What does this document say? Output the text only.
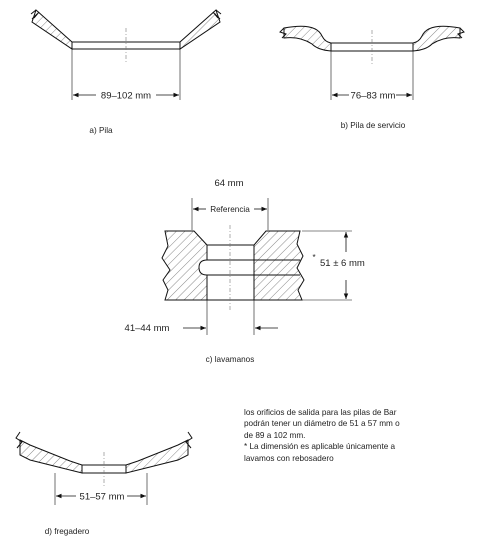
89–102 mm
a) Pila
76–83 mm
b) Pila de servicio
64 mm
Referencia
*
51 ± 6 mm
41–44 mm
c) lavamanos
51–57 mm
d) fregadero
los orificios de salida para las pilas de Bar
podrán tener un diámetro de 51 a 57 mm o
de 89 a 102 mm.
* La dimensión es aplicable únicamente a
lavamos con rebosadero
